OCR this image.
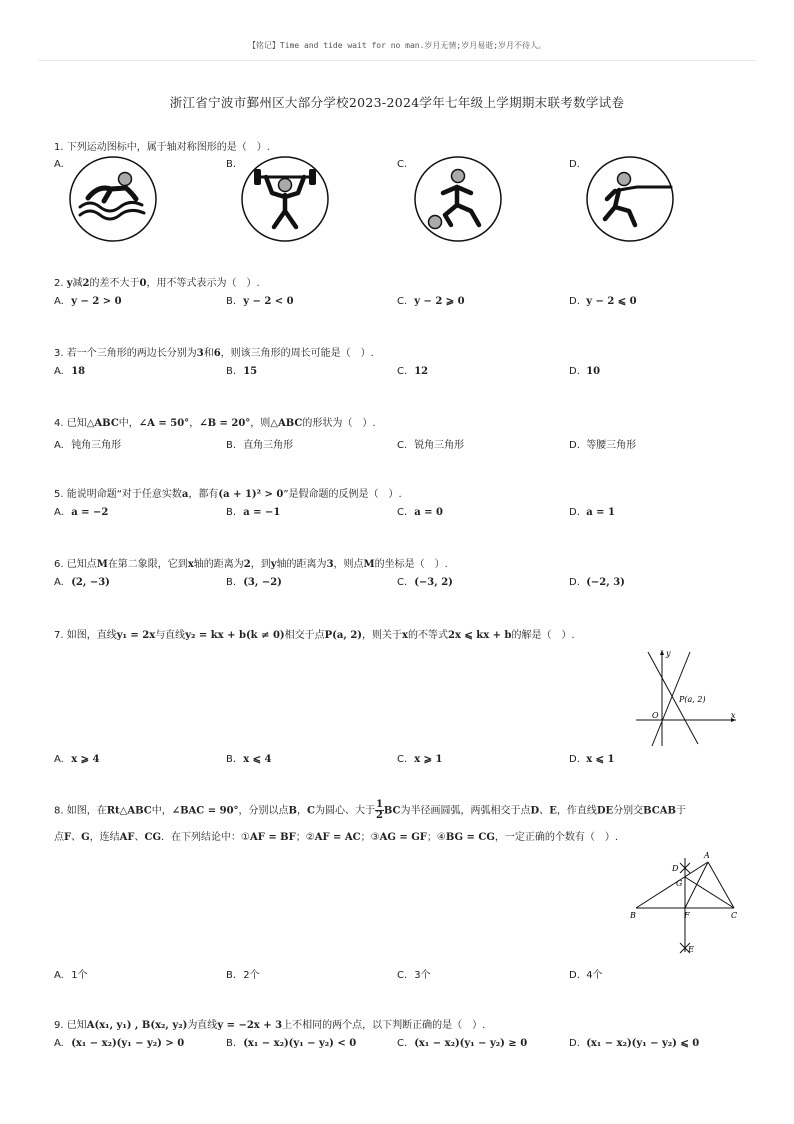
【铭记】Time and tide wait for no man.岁月无情;岁月易逝;岁月不待人。
浙江省宁波市鄞州区大部分学校2023-2024学年七年级上学期期末联考数学试卷
1. 下列运动图标中，属于轴对称图形的是（　）.
A.	B.	C.	D.
2. y减2的差不大于0，用不等式表示为（　）.
A. y − 2 > 0	B. y − 2 < 0	C. y − 2 ⩾ 0	D. y − 2 ⩽ 0
3. 若一个三角形的两边长分别为3和6，则该三角形的周长可能是（　）.
A. 18	B. 15	C. 12	D. 10
4. 已知△ABC中，∠A = 50°，∠B = 20°，则△ABC的形状为（　）.
A. 钝角三角形	B. 直角三角形	C. 锐角三角形	D. 等腰三角形
5. 能说明命题“对于任意实数a，都有(a + 1)² > 0”是假命题的反例是（　）.
A. a = −2	B. a = −1	C. a = 0	D. a = 1
6. 已知点M在第二象限，它到x轴的距离为2，到y轴的距离为3，则点M的坐标是（　）.
A. (2, −3)	B. (3, −2)	C. (−3, 2)	D. (−2, 3)
7. 如图，直线y₁ = 2x与直线y₂ = kx + b(k ≠ 0)相交于点P(a, 2)，则关于x的不等式2x ⩽ kx + b的解是（　）.
y
x
O
P(a, 2)
A. x ⩾ 4	B. x ⩽ 4	C. x ⩾ 1	D. x ⩽ 1
8. 如图，在Rt△ABC中，∠BAC = 90°，分别以点B，C为圆心、大于 $\frac{1}{2}$ BC为半径画圆弧，两弧相交于点D、E，作直线DE分别交BCAB于
点F、G，连结AF、CG．在下列结论中：①AF = BF；②AF = AC；③AG = GF；④BG = CG，一定正确的个数有（　）.
A
B	C
D
E
F
G
A. 1个	B. 2个	C. 3个	D. 4个
9. 已知A(x₁, y₁) , B(x₂, y₂)为直线y = −2x + 3上不相同的两个点，以下判断正确的是（　）.
A. (x₁ − x₂)(y₁ − y₂) > 0	B. (x₁ − x₂)(y₁ − y₂) < 0	C. (x₁ − x₂)(y₁ − y₂) ≥ 0	D. (x₁ − x₂)(y₁ − y₂) ⩽ 0
